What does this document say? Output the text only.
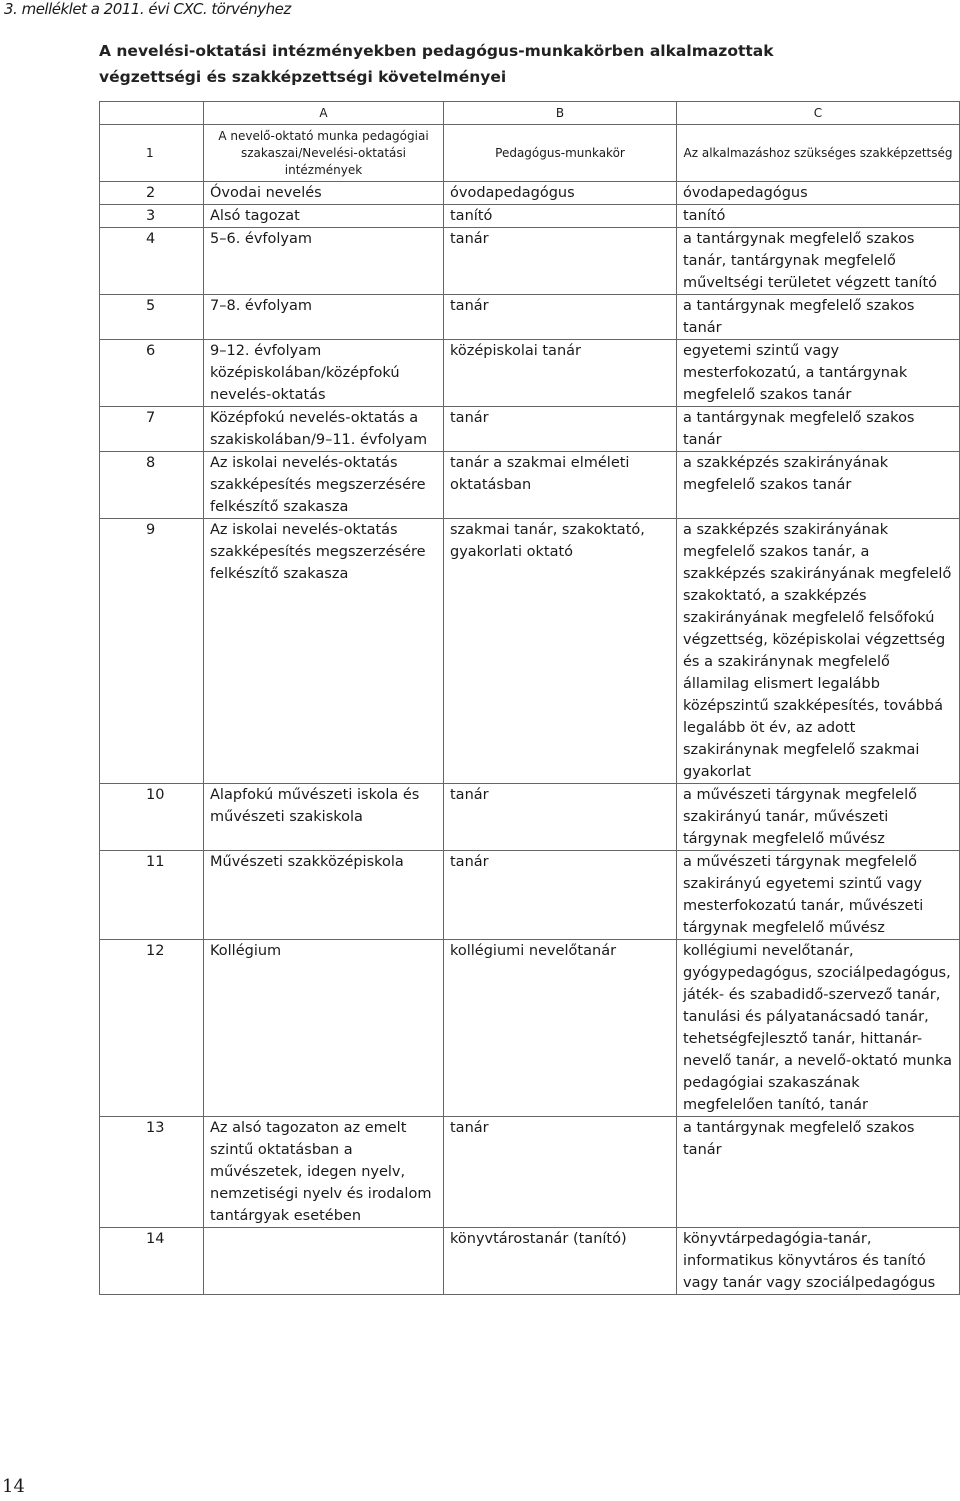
3. melléklet a 2011. évi CXC. törvényhez
A nevelési-oktatási intézményekben pedagógus-munkakörben alkalmazottak végzettségi és szakképzettségi követelményei
	A	B	C
1	A nevelő-oktató munka pedagógiai szakaszai/Nevelési-oktatási intézmények	Pedagógus-munkakör	Az alkalmazáshoz szükséges szakképzettség
2	Óvodai nevelés	óvodapedagógus	óvodapedagógus
3	Alsó tagozat	tanító	tanító
4	5–6. évfolyam	tanár	a tantárgynak megfelelő szakos tanár, tantárgynak megfelelő műveltségi területet végzett tanító
5	7–8. évfolyam	tanár	a tantárgynak megfelelő szakos tanár
6	9–12. évfolyam középiskolában/középfokú nevelés-oktatás	középiskolai tanár	egyetemi szintű vagy mesterfokozatú, a tantárgynak megfelelő szakos tanár
7	Középfokú nevelés-oktatás a szakiskolában/9–11. évfolyam	tanár	a tantárgynak megfelelő szakos tanár
8	Az iskolai nevelés-oktatás szakképesítés megszerzésére felkészítő szakasza	tanár a szakmai elméleti oktatásban	a szakképzés szakirányának megfelelő szakos tanár
9	Az iskolai nevelés-oktatás szakképesítés megszerzésére felkészítő szakasza	szakmai tanár, szakoktató, gyakorlati oktató	a szakképzés szakirányának megfelelő szakos tanár, a szakképzés szakirányának megfelelő szakoktató, a szakképzés szakirányának megfelelő felsőfokú végzettség, középiskolai végzettség és a szakiránynak megfelelő államilag elismert legalább középszintű szakképesítés, továbbá legalább öt év, az adott szakiránynak megfelelő szakmai gyakorlat
10	Alapfokú művészeti iskola és művészeti szakiskola	tanár	a művészeti tárgynak megfelelő szakirányú tanár, művészeti tárgynak megfelelő művész
11	Művészeti szakközépiskola	tanár	a művészeti tárgynak megfelelő szakirányú egyetemi szintű vagy mesterfokozatú tanár, művészeti tárgynak megfelelő művész
12	Kollégium	kollégiumi nevelőtanár	kollégiumi nevelőtanár, gyógypedagógus, szociálpedagógus, játék- és szabadidő-szervező tanár, tanulási és pályatanácsadó tanár, tehetségfejlesztő tanár, hittanár-nevelő tanár, a nevelő-oktató munka pedagógiai szakaszának megfelelően tanító, tanár
13	Az alsó tagozaton az emelt szintű oktatásban a művészetek, idegen nyelv, nemzetiségi nyelv és irodalom tantárgyak esetében	tanár	a tantárgynak megfelelő szakos tanár
14		könyvtárostanár (tanító)	könyvtárpedagógia-tanár, informatikus könyvtáros és tanító vagy tanár vagy szociálpedagógus
14
